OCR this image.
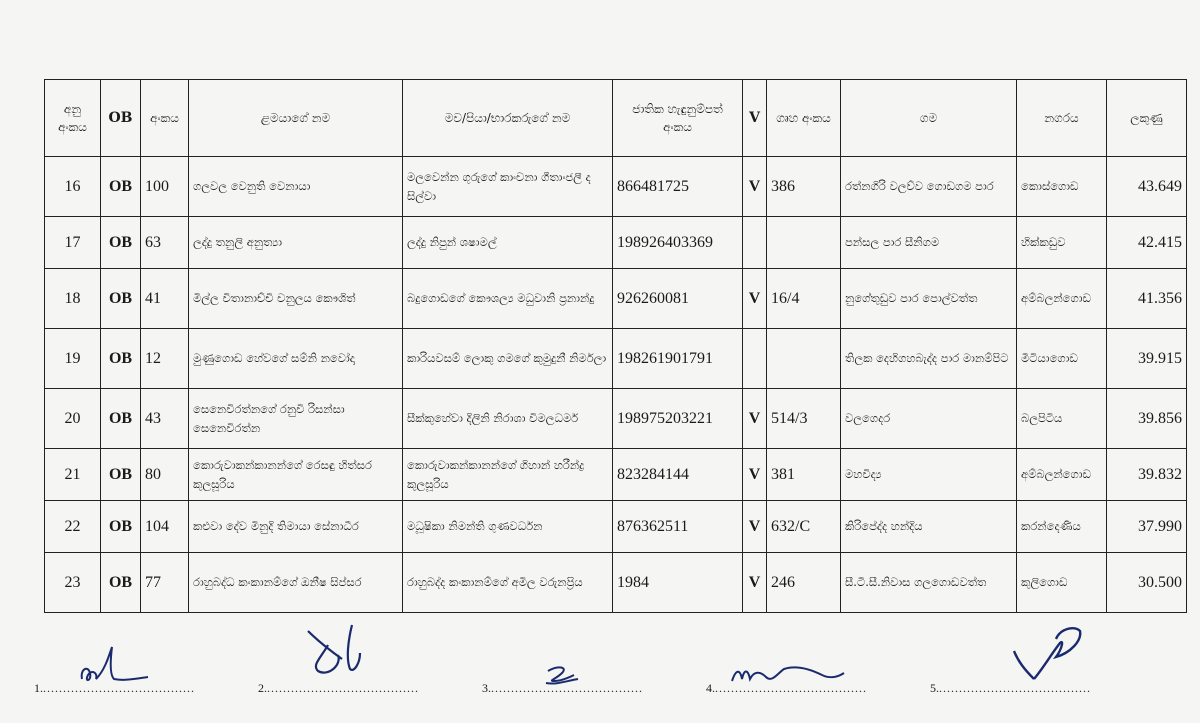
අනු අංකය	OB	අංකය	ළමයාගේ නම	මව/පියා/භාරකරුගේ නම	ජාතික හැඳුනුම්පත් අංකය	V	ගෘහ අංකය	ගම	නගරය	ලකුණු
16	OB	100	ගලවල වෙනුති වෙනායා	මලවෙන්න ගුරුගේ කාංචනා ගීතාංජලී ද සිල්වා	866481725	V	386	රත්නගිරි වලව්ව ගොඩගම පාර	කොස්ගොඩ	43.649
17	OB	63	ලද්දු තනුලි අනුත්‍යා	ලද්දු නිපුන් ශෂාමල්	198926403369			පන්සල පාර සීනිගම	හික්කඩුව	42.415
18	OB	41	මිල්ල විතානාච්චි චනුලය කෞශිත්	බදුගොඩගේ කෞශල්‍ය මධුවානි ප්‍රනාන්දු	926260081	V	16/4	නුගේතුඩුව පාර පොල්වත්ත	අම්බලන්ගොඩ	41.356
19	OB	12	මුණුගොඩ හේවගේ සම්නි නවෝදා	කාරියවසම් ලොකු ගමගේ කුමුදුනී නිර්මලා	198261901791			තිලක දෙහිගහබැද්ද පාර මානම්පිට	මීටියාගොඩ	39.915
20	OB	43	සෙනෙවිරත්නගේ රනුවි රිසන්සා සෙනෙවිරත්න	සීක්කුහේවා දිලිනි නිරාශා විමලධර්ම	198975203221	V	514/3	වලගෙදර	බලපිටිය	39.856
21	OB	80	කොරුවාකන්කානන්ගේ රෙසඳු හිත්සර කුලසූරිය	කොරුවාකන්කානන්ගේ ගිහාන් හරීන්ද්‍ර කුලසූරිය	823284144	V	381	මහවිද්‍ය	අම්බලන්ගොඩ	39.832
22	OB	104	කළුවා දේව මිනුදි තිමායා සේනාධීර	මධූෂිකා නිමන්ති ගුණවර්ධන	876362511	V	632/C	කිරිපේද්ද හන්දිය	කරන්දෙණිය	37.990
23	OB	77	රාහුබද්ධ කංකානම්ගේ ඔනීෂ සිප්සර	රාහුබද්ද කංකානම්ගේ අමිල වරුනප්‍රිය	1984	V	246	සී.ටී.සී.නිවාස ගලගොඩවත්ත	කුලිගොඩ	30.500
1.......................................	2.......................................	3.......................................	4.......................................	5.......................................
